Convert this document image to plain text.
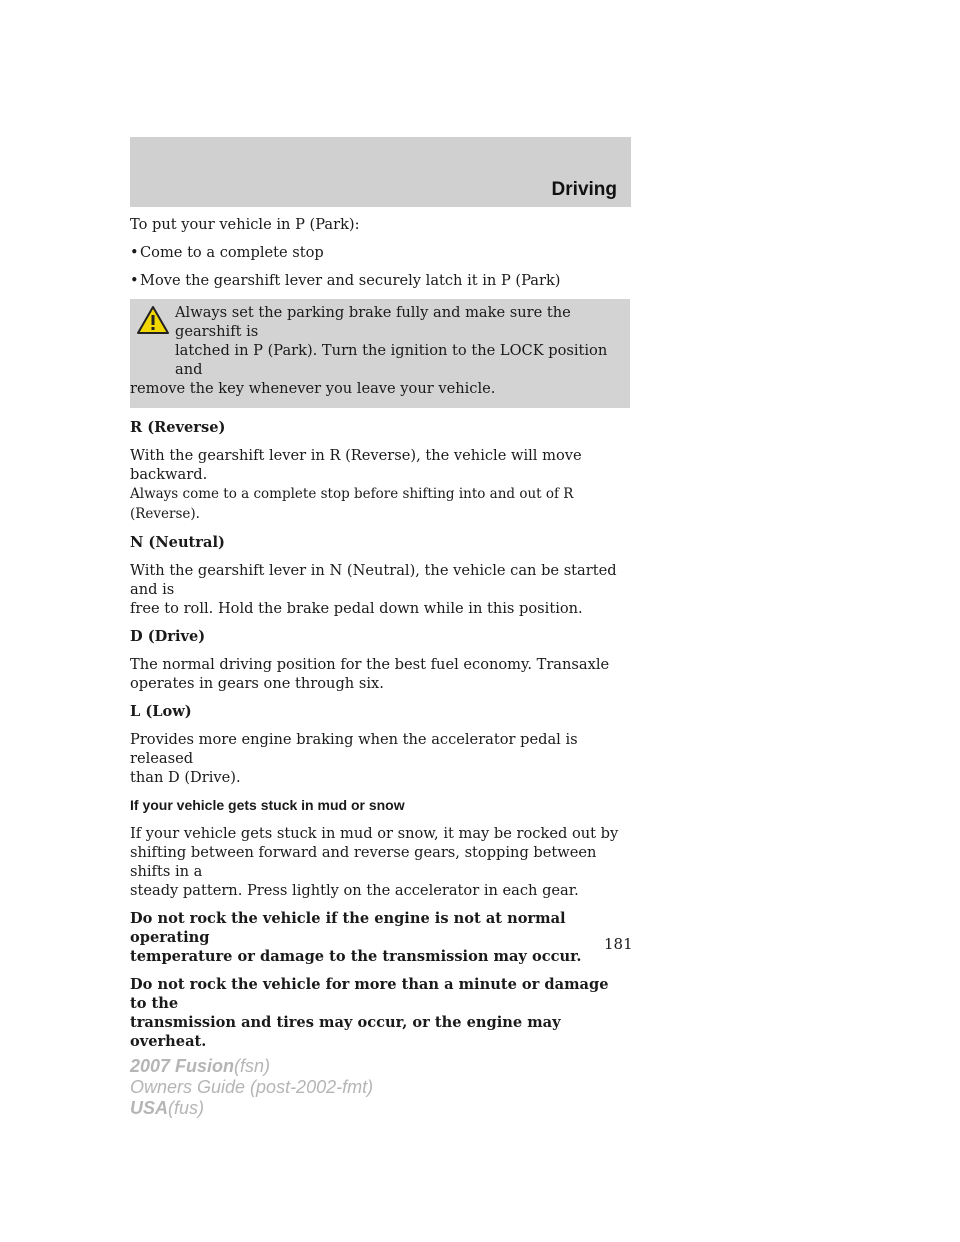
Driving

To put your vehicle in P (Park):

• Come to a complete stop
• Move the gearshift lever and securely latch it in P (Park)
Always set the parking brake fully and make sure the gearshift is
latched in P (Park). Turn the ignition to the LOCK position and
remove the key whenever you leave your vehicle.

R (Reverse)

With the gearshift lever in R (Reverse), the vehicle will move backward.
Always come to a complete stop before shifting into and out of R (Reverse).

N (Neutral)

With the gearshift lever in N (Neutral), the vehicle can be started and is
free to roll. Hold the brake pedal down while in this position.

D (Drive)

The normal driving position for the best fuel economy. Transaxle
operates in gears one through six.

L (Low)

Provides more engine braking when the accelerator pedal is released
than D (Drive).

If your vehicle gets stuck in mud or snow

If your vehicle gets stuck in mud or snow, it may be rocked out by
shifting between forward and reverse gears, stopping between shifts in a
steady pattern. Press lightly on the accelerator in each gear.

Do not rock the vehicle if the engine is not at normal operating
temperature or damage to the transmission may occur.

Do not rock the vehicle for more than a minute or damage to the
transmission and tires may occur, or the engine may overheat.

181
2007 Fusion(fsn)
Owners Guide (post-2002-fmt)
USA(fus)
